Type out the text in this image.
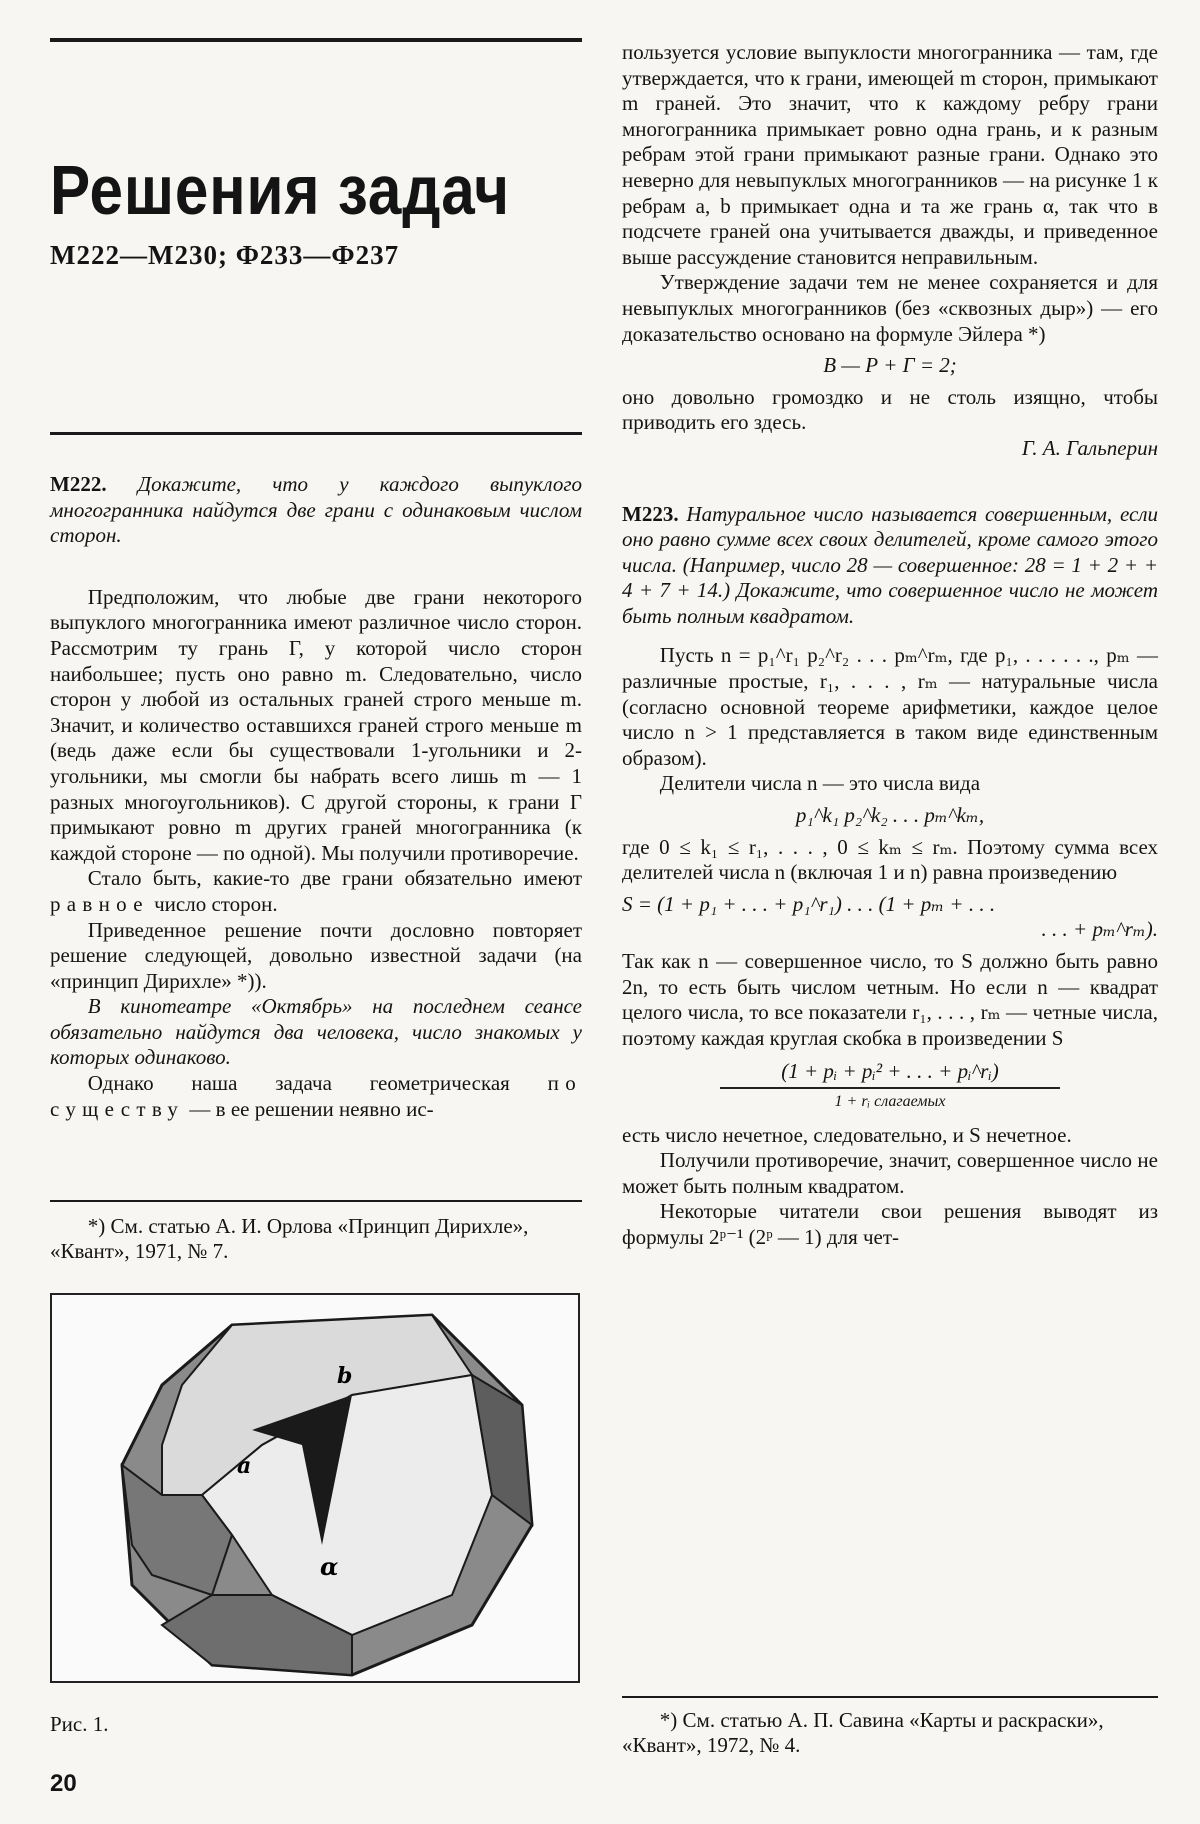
Решения задач
М222—М230; Ф233—Ф237

М222. Докажите, что у каждого выпуклого многогранника найдутся две грани с одинаковым числом сторон.

Предположим, что любые две грани некоторого выпуклого многогранника имеют различное число сторон. Рассмотрим ту грань Г, у которой число сторон наибольшее; пусть оно равно m. Следовательно, число сторон у любой из остальных граней строго меньше m. Значит, и количество оставшихся граней строго меньше m (ведь даже если бы существовали 1-угольники и 2-угольники, мы смогли бы набрать всего лишь m — 1 разных многоугольников). С другой стороны, к грани Г примыкают ровно m других граней многогранника (к каждой стороне — по одной). Мы получили противоречие.

Стало быть, какие-то две грани обязательно имеют равное число сторон.

Приведенное решение почти дословно повторяет решение следующей, довольно известной задачи (на «принцип Дирихле» *)).

В кинотеатре «Октябрь» на последнем сеансе обязательно найдутся два человека, число знакомых у которых одинаково.

Однако наша задача геометрическая по существу — в ее решении неявно ис-

*) См. статью А. И. Орлова «Принцип Дирихле», «Квант», 1971, № 7.
b
a
α
Рис. 1.
20

пользуется условие выпуклости многогранника — там, где утверждается, что к грани, имеющей m сторон, примыкают m граней. Это значит, что к каждому ребру грани многогранника примыкает ровно одна грань, и к разным ребрам этой грани примыкают разные грани. Однако это неверно для невыпуклых многогранников — на рисунке 1 к ребрам a, b примыкает одна и та же грань α, так что в подсчете граней она учитывается дважды, и приведенное выше рассуждение становится неправильным.

Утверждение задачи тем не менее сохраняется и для невыпуклых многогранников (без «сквозных дыр») — его доказательство основано на формуле Эйлера *)

В — Р + Г = 2;

оно довольно громоздко и не столь изящно, чтобы приводить его здесь.

Г. А. Гальперин

М223. Натуральное число называется совершенным, если оно равно сумме всех своих делителей, кроме самого этого числа. (Например, число 28 — совершенное: 28 = 1 + 2 + + 4 + 7 + 14.) Докажите, что совершенное число не может быть полным квадратом.

Пусть n = p₁^r₁ p₂^r₂ . . . pₘ^rₘ, где p₁, . . . . . ., pₘ — различные простые, r₁, . . . , rₘ — натуральные числа (согласно основной теореме арифметики, каждое целое число n > 1 представляется в таком виде единственным образом).

Делители числа n — это числа вида

p₁^k₁ p₂^k₂ . . . pₘ^kₘ,

где 0 ≤ k₁ ≤ r₁, . . . , 0 ≤ kₘ ≤ rₘ. Поэтому сумма всех делителей числа n (включая 1 и n) равна произведению

S = (1 + p₁ + . . . + p₁^r₁) . . . (1 + pₘ + . . .

. . . + pₘ^rₘ).

Так как n — совершенное число, то S должно быть равно 2n, то есть быть числом четным. Но если n — квадрат целого числа, то все показатели r₁, . . . , rₘ — четные числа, поэтому каждая круглая скобка в произведении S

(1 + pᵢ + pᵢ² + . . . + pᵢ^rᵢ)
1 + rᵢ слагаемых

есть число нечетное, следовательно, и S нечетное.

Получили противоречие, значит, совершенное число не может быть полным квадратом.

Некоторые читатели свои решения выводят из формулы 2ᵖ⁻¹ (2ᵖ — 1) для чет-

*) См. статью А. П. Савина «Карты и раскраски», «Квант», 1972, № 4.
